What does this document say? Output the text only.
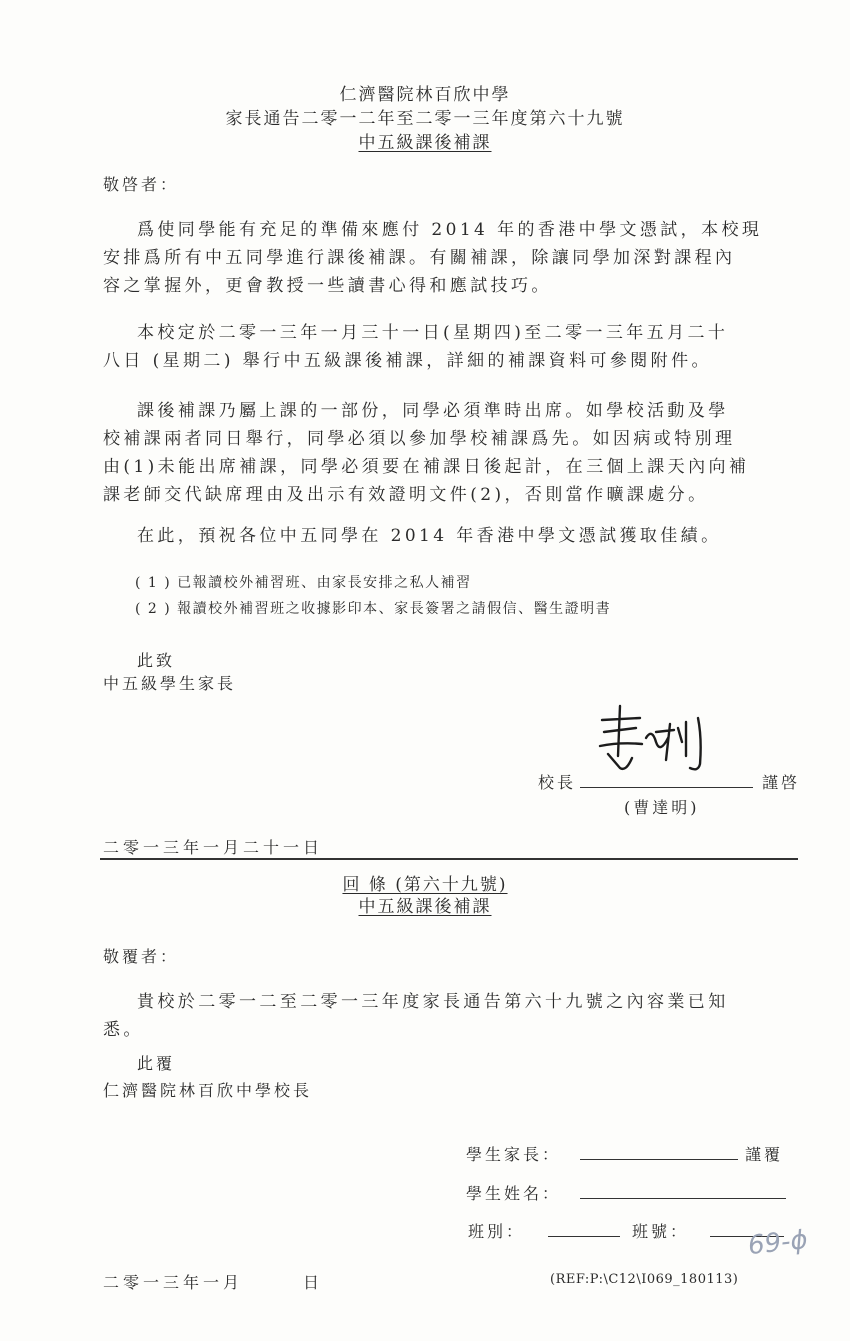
仁濟醫院林百欣中學
家長通告二零一二年至二零一三年度第六十九號
中五級課後補課
敬啓者：
爲使同學能有充足的準備來應付 2014 年的香港中學文憑試，本校現
安排爲所有中五同學進行課後補課。有關補課，除讓同學加深對課程內
容之掌握外，更會教授一些讀書心得和應試技巧。
本校定於二零一三年一月三十一日(星期四)至二零一三年五月二十
八日 (星期二) 舉行中五級課後補課，詳細的補課資料可參閱附件。
課後補課乃屬上課的一部份，同學必須準時出席。如學校活動及學
校補課兩者同日舉行，同學必須以參加學校補課爲先。如因病或特別理
由(1)未能出席補課，同學必須要在補課日後起計，在三個上課天內向補
課老師交代缺席理由及出示有效證明文件(2)，否則當作曠課處分。
在此，預祝各位中五同學在 2014 年香港中學文憑試獲取佳績。
( 1 ) 已報讀校外補習班、由家長安排之私人補習
( 2 ) 報讀校外補習班之收據影印本、家長簽署之請假信、醫生證明書
此致
中五級學生家長
校長	謹啓
(曹達明)
二零一三年一月二十一日
回 條 (第六十九號)
中五級課後補課
敬覆者：
貴校於二零一二至二零一三年度家長通告第六十九號之內容業已知
悉。
此覆
仁濟醫院林百欣中學校長
學生家長：	謹覆
學生姓名：
班別：	班號： 69-ϕ
二零一三年一月	日	(REF:P:\C12\I069_180113)
